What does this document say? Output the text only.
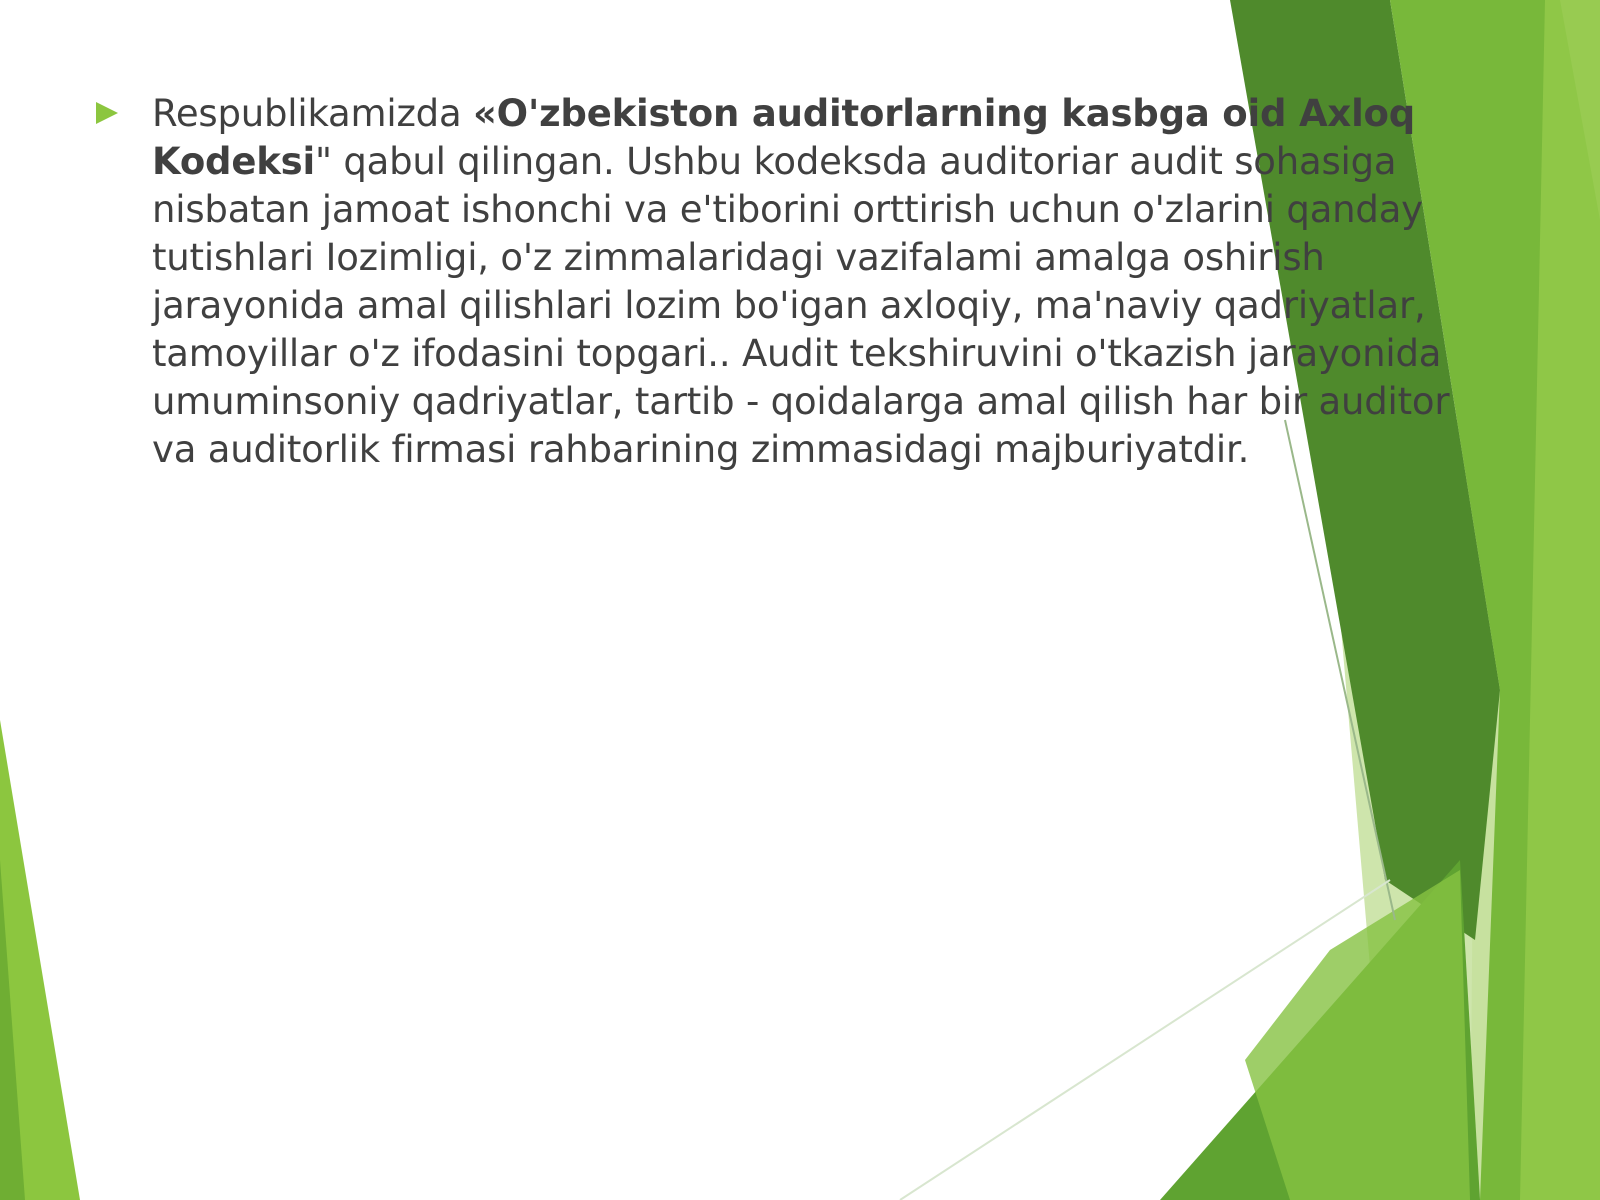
Respublikamizda «O'zbekiston auditorlarning kasbga oid Axloq Kodeksi" qabul qilingan. Ushbu kodeksda auditoriar audit sohasiga nisbatan jamoat ishonchi va e'tiborini orttirish uchun o'zlarini qanday tutishlari Iozimligi, o'z zimmalaridagi vazifalami amalga oshirish jarayonida amal qilishlari lozim bo'igan axloqiy, ma'naviy qadriyatlar, tamoyillar o'z ifodasini topgari.. Audit tekshiruvini o'tkazish jarayonida umuminsoniy qadriyatlar, tartib - qoidalarga amal qilish har bir auditor va auditorlik firmasi rahbarining zimmasidagi majburiyatdir.
